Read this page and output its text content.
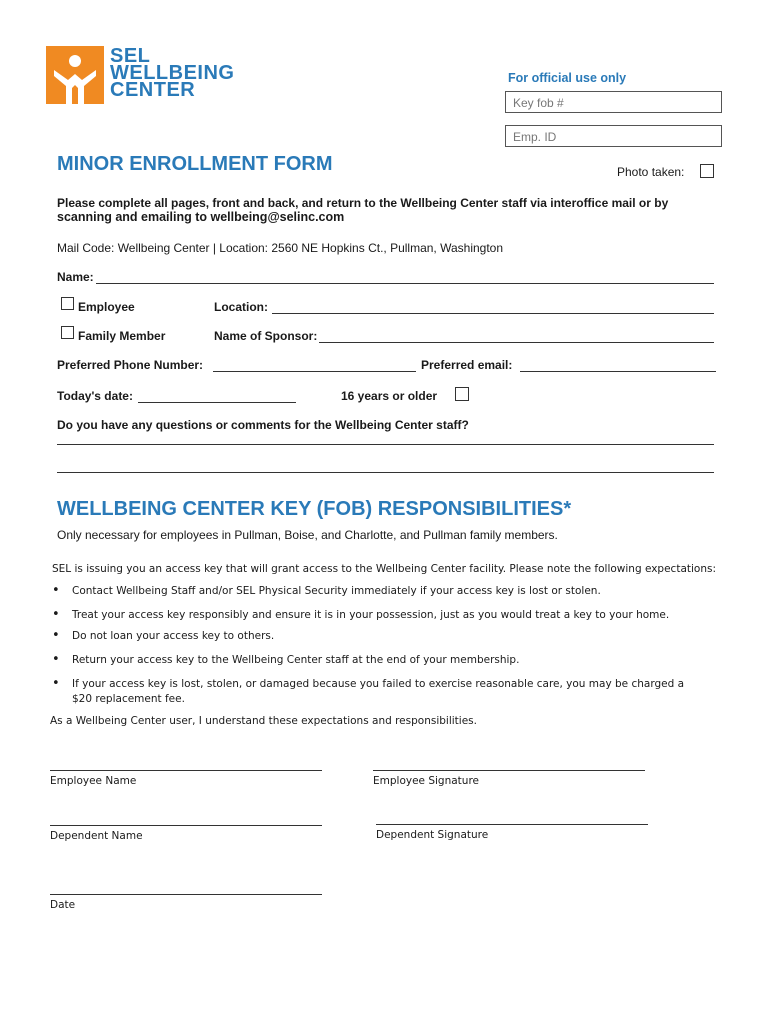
SEL
WELLBEING
CENTER
For official use only
Key fob #
Emp. ID
MINOR ENROLLMENT FORM	Photo taken:
Please complete all pages, front and back, and return to the Wellbeing Center staff via interoffice mail or by
scanning and emailing to wellbeing@selinc.com
Mail Code: Wellbeing Center | Location: 2560 NE Hopkins Ct., Pullman, Washington
Name:
Employee	Location:
Family Member	Name of Sponsor:
Preferred Phone Number:	Preferred email:
Today's date:	16 years or older
Do you have any questions or comments for the Wellbeing Center staff?
WELLBEING CENTER KEY (FOB) RESPONSIBILITIES*
Only necessary for employees in Pullman, Boise, and Charlotte, and Pullman family members.
SEL is issuing you an access key that will grant access to the Wellbeing Center facility. Please note the following expectations:
• Contact Wellbeing Staff and/or SEL Physical Security immediately if your access key is lost or stolen.
• Treat your access key responsibly and ensure it is in your possession, just as you would treat a key to your home.
• Do not loan your access key to others.
• Return your access key to the Wellbeing Center staff at the end of your membership.
• If your access key is lost, stolen, or damaged because you failed to exercise reasonable care, you may be charged a $20 replacement fee.
As a Wellbeing Center user, I understand these expectations and responsibilities.
Employee Name	Employee Signature
Dependent Name	Dependent Signature
Date
